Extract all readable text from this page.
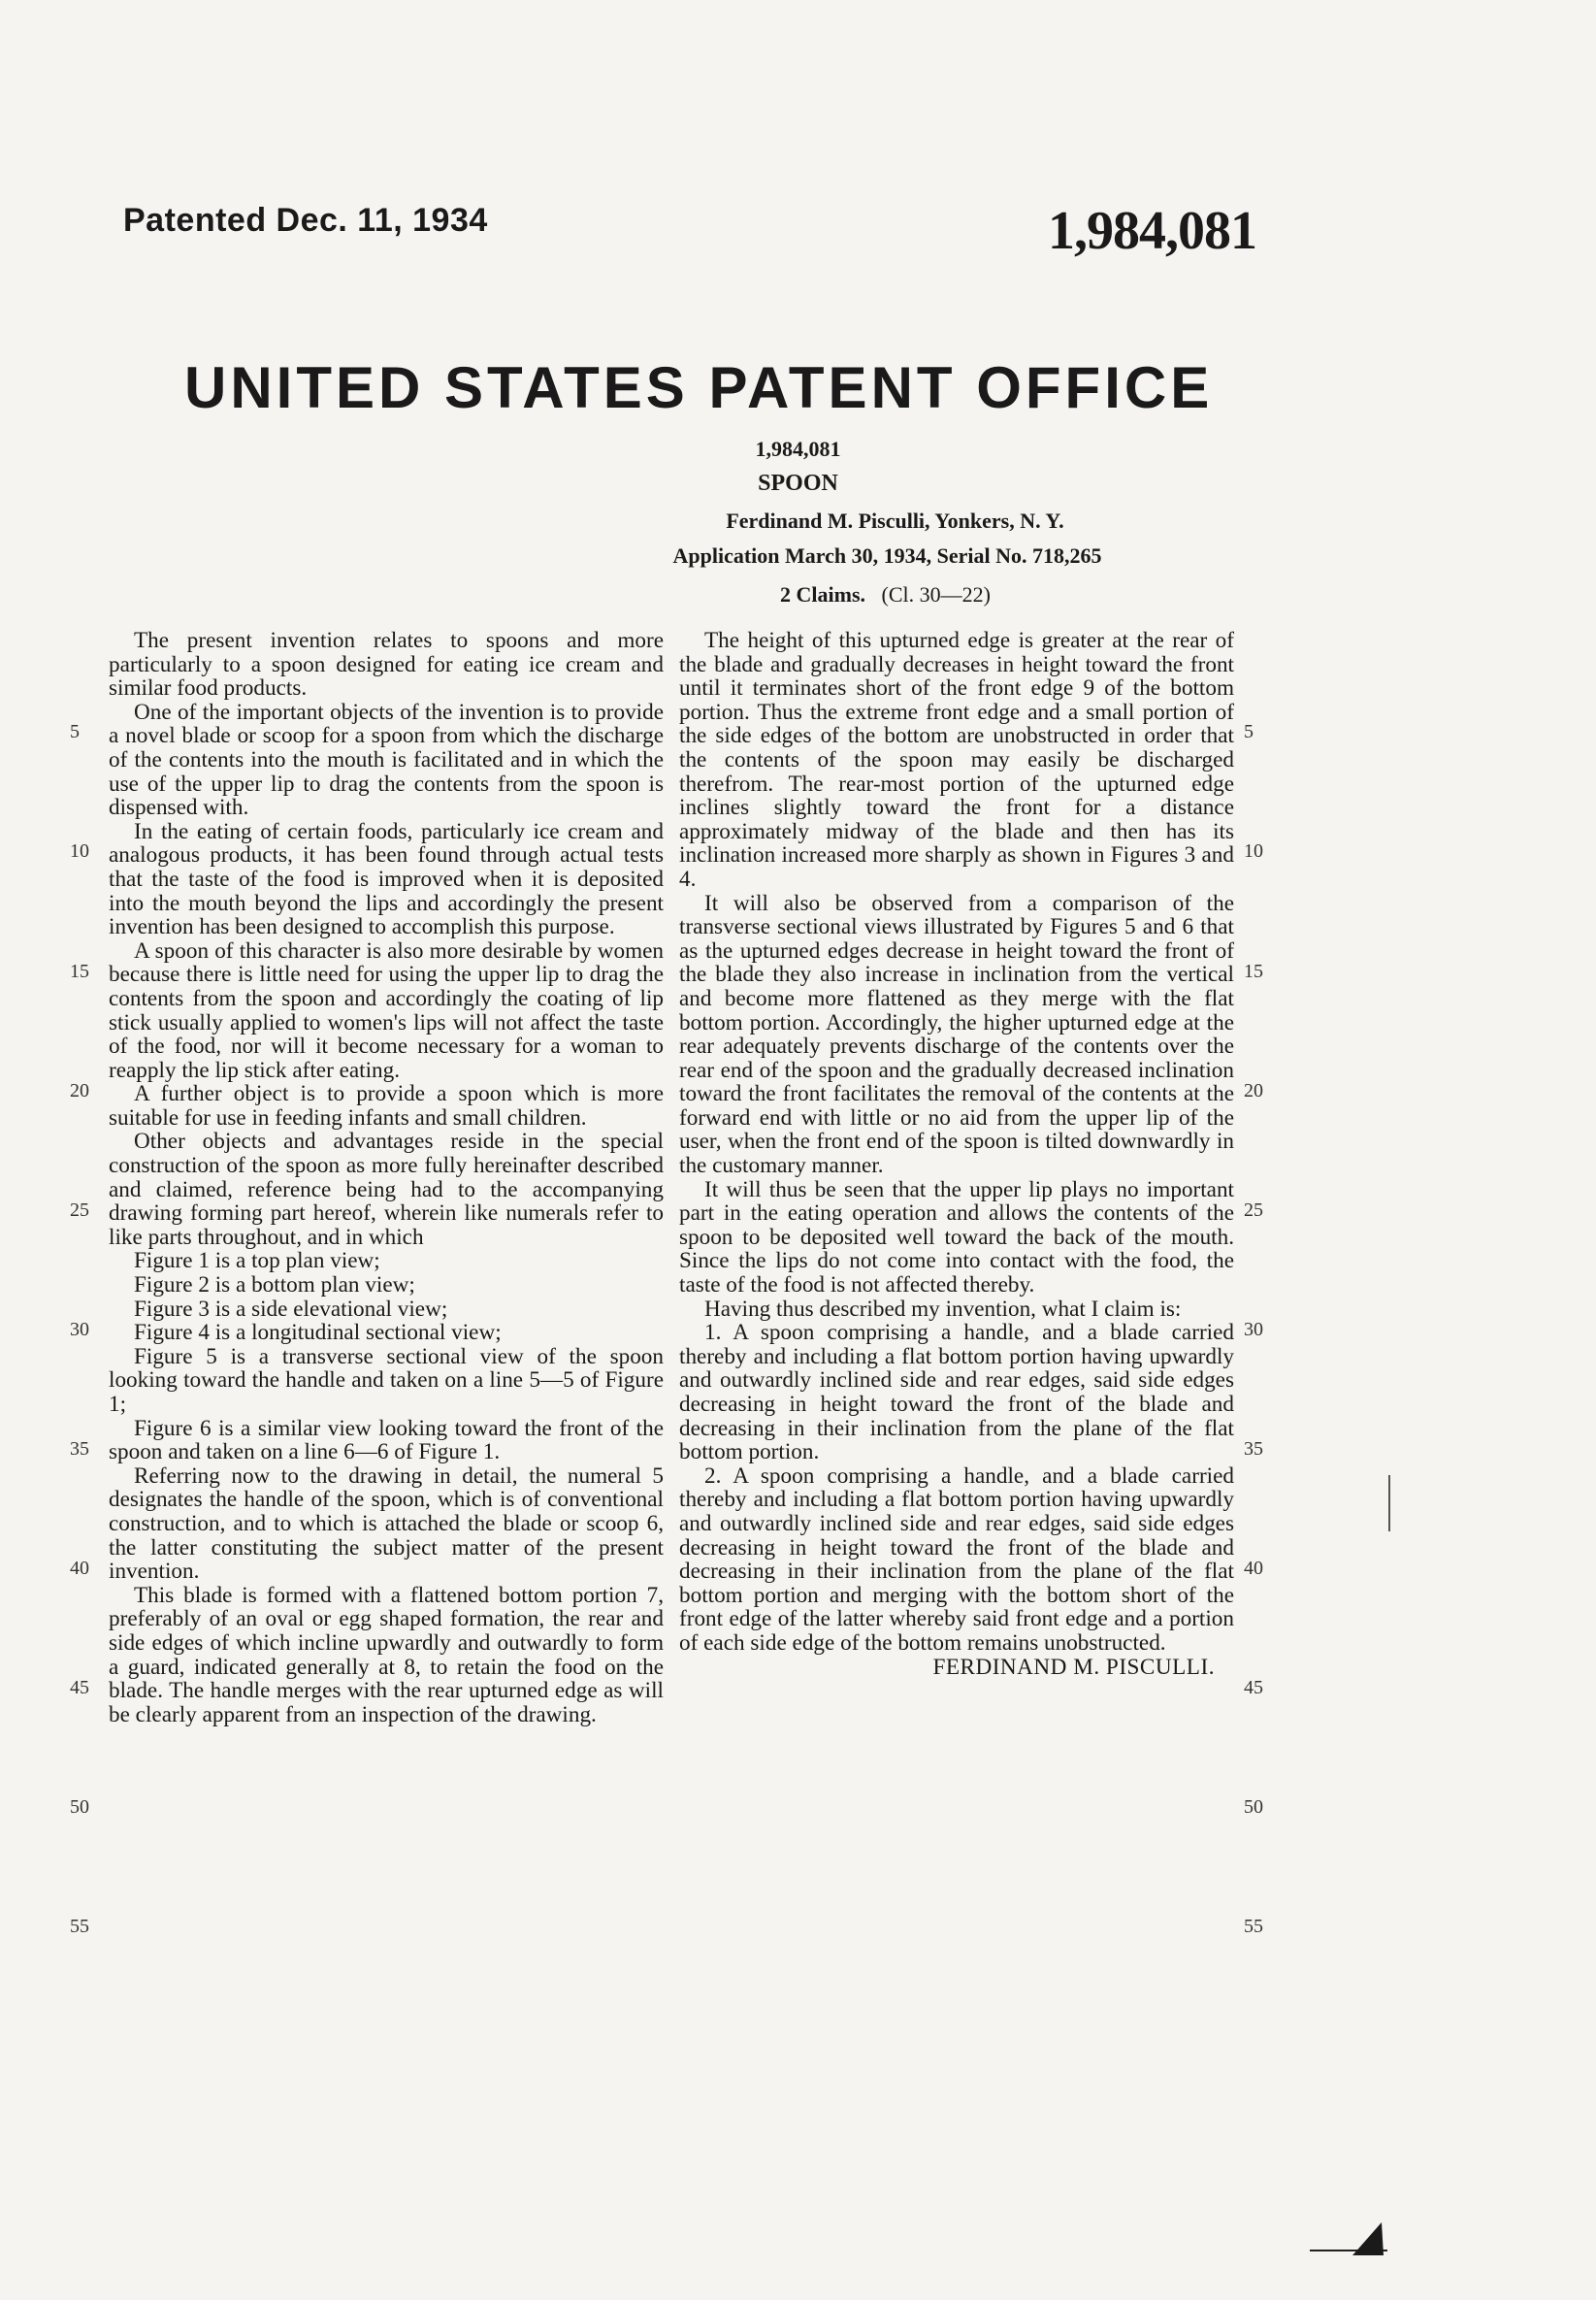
Patented Dec. 11, 1934	1,984,081
UNITED STATES PATENT OFFICE
1,984,081
SPOON
Ferdinand M. Pisculli, Yonkers, N. Y.
Application March 30, 1934, Serial No. 718,265
2 Claims. (Cl. 30—22)

The present invention relates to spoons and more particularly to a spoon designed for eating ice cream and similar food products.

One of the important objects of the invention is to provide a novel blade or scoop for a spoon from which the discharge of the contents into the mouth is facilitated and in which the use of the upper lip to drag the contents from the spoon is dispensed with.

In the eating of certain foods, particularly ice cream and analogous products, it has been found through actual tests that the taste of the food is improved when it is deposited into the mouth beyond the lips and accordingly the present invention has been designed to accomplish this purpose.

A spoon of this character is also more desirable by women because there is little need for using the upper lip to drag the contents from the spoon and accordingly the coating of lip stick usually applied to women's lips will not affect the taste of the food, nor will it become necessary for a woman to reapply the lip stick after eating.

A further object is to provide a spoon which is more suitable for use in feeding infants and small children.

Other objects and advantages reside in the special construction of the spoon as more fully hereinafter described and claimed, reference being had to the accompanying drawing forming part hereof, wherein like numerals refer to like parts throughout, and in which

Figure 1 is a top plan view;

Figure 2 is a bottom plan view;

Figure 3 is a side elevational view;

Figure 4 is a longitudinal sectional view;

Figure 5 is a transverse sectional view of the spoon looking toward the handle and taken on a line 5—5 of Figure 1;

Figure 6 is a similar view looking toward the front of the spoon and taken on a line 6—6 of Figure 1.

Referring now to the drawing in detail, the numeral 5 designates the handle of the spoon, which is of conventional construction, and to which is attached the blade or scoop 6, the latter constituting the subject matter of the present invention.

This blade is formed with a flattened bottom portion 7, preferably of an oval or egg shaped formation, the rear and side edges of which incline upwardly and outwardly to form a guard, indicated generally at 8, to retain the food on the blade. The handle merges with the rear upturned edge as will be clearly apparent from an inspection of the drawing.

The height of this upturned edge is greater at the rear of the blade and gradually decreases in height toward the front until it terminates short of the front edge 9 of the bottom portion. Thus the extreme front edge and a small portion of the side edges of the bottom are unobstructed in order that the contents of the spoon may easily be discharged therefrom. The rear-most portion of the upturned edge inclines slightly toward the front for a distance approximately midway of the blade and then has its inclination increased more sharply as shown in Figures 3 and 4.

It will also be observed from a comparison of the transverse sectional views illustrated by Figures 5 and 6 that as the upturned edges decrease in height toward the front of the blade they also increase in inclination from the vertical and become more flattened as they merge with the flat bottom portion. Accordingly, the higher upturned edge at the rear adequately prevents discharge of the contents over the rear end of the spoon and the gradually decreased inclination toward the front facilitates the removal of the contents at the forward end with little or no aid from the upper lip of the user, when the front end of the spoon is tilted downwardly in the customary manner.

It will thus be seen that the upper lip plays no important part in the eating operation and allows the contents of the spoon to be deposited well toward the back of the mouth. Since the lips do not come into contact with the food, the taste of the food is not affected thereby.

Having thus described my invention, what I claim is:

1. A spoon comprising a handle, and a blade carried thereby and including a flat bottom portion having upwardly and outwardly inclined side and rear edges, said side edges decreasing in height toward the front of the blade and decreasing in their inclination from the plane of the flat bottom portion.

2. A spoon comprising a handle, and a blade carried thereby and including a flat bottom portion having upwardly and outwardly inclined side and rear edges, said side edges decreasing in height toward the front of the blade and decreasing in their inclination from the plane of the flat bottom portion and merging with the bottom short of the front edge of the latter whereby said front edge and a portion of each side edge of the bottom remains unobstructed.

FERDINAND M. PISCULLI.

5
10
15
20
25
30
35
40
45
50
55
5
10
15
20
25
30
35
40
45
50
55
